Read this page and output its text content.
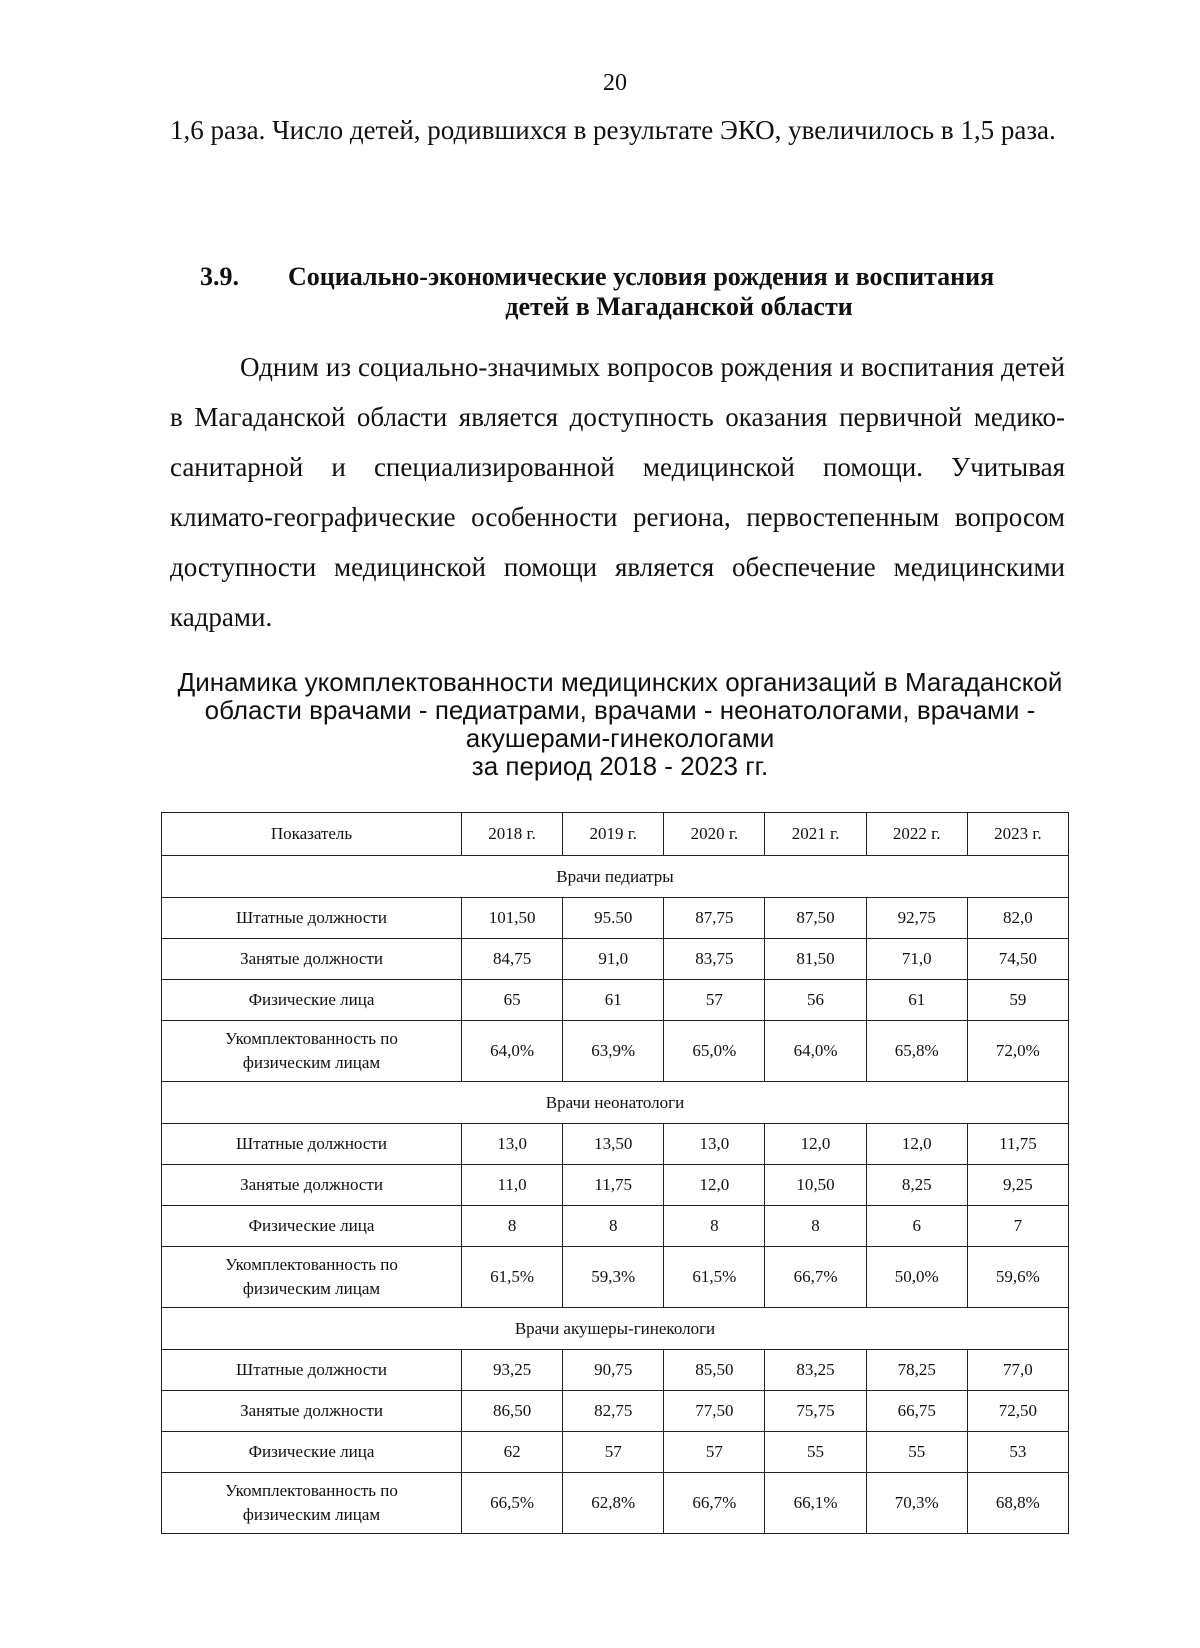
20

1,6 раза. Число детей, родившихся в результате ЭКО, увеличилось в 1,5 раза.

3.9.	Социально-экономические условия рождения и воспитания
детей в Магаданской области

Одним из социально-значимых вопросов рождения и воспитания детей в Магаданской области является доступность оказания первичной медико-санитарной и специализированной медицинской помощи. Учитывая климато-географические особенности региона, первостепенным вопросом доступности медицинской помощи является обеспечение медицинскими кадрами.

Динамика укомплектованности медицинских организаций в Магаданской
области врачами - педиатрами, врачами - неонатологами, врачами -
акушерами-гинекологами
за период 2018 - 2023 гг.
Показатель	2018 г.	2019 г.	2020 г.	2021 г.	2022 г.	2023 г.
Врачи педиатры						
Штатные должности	101,50	95.50	87,75	87,50	92,75	82,0
Занятые должности	84,75	91,0	83,75	81,50	71,0	74,50
Физические лица	65	61	57	56	61	59

Укомплектованность по
физическим лицам	64,0%	63,9%	65,0%	64,0%	65,8%	72,0%
Врачи неонатологи						
Штатные должности	13,0	13,50	13,0	12,0	12,0	11,75
Занятые должности	11,0	11,75	12,0	10,50	8,25	9,25
Физические лица	8	8	8	8	6	7

Укомплектованность по
физическим лицам	61,5%	59,3%	61,5%	66,7%	50,0%	59,6%
Врачи акушеры-гинекологи						
Штатные должности	93,25	90,75	85,50	83,25	78,25	77,0
Занятые должности	86,50	82,75	77,50	75,75	66,75	72,50
Физические лица	62	57	57	55	55	53

Укомплектованность по
физическим лицам	66,5%	62,8%	66,7%	66,1%	70,3%	68,8%
